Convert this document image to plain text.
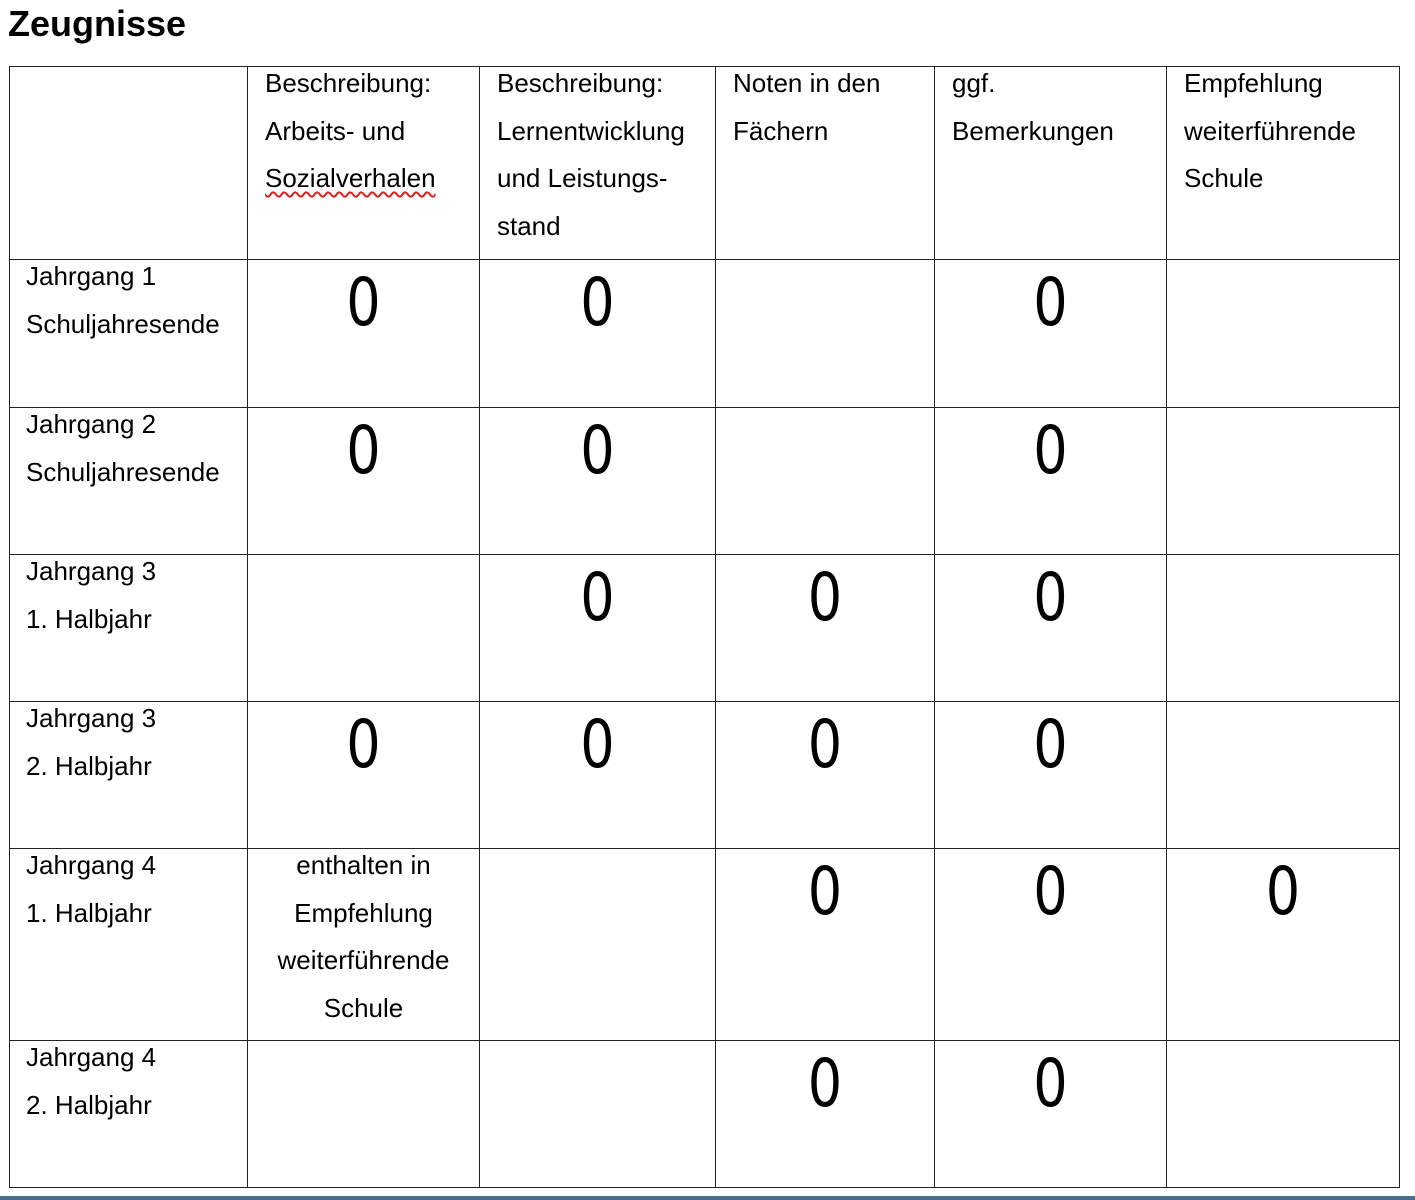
Zeugnisse

	Beschreibung:
Arbeits- und
Sozialverhalen	Beschreibung:
Lernentwicklung
und Leistungs-
stand	Noten in den
Fächern	ggf.
Bemerkungen	Empfehlung
weiterführende
Schule

Jahrgang 1
Schuljahresende	0	0		0	

Jahrgang 2
Schuljahresende	0	0		0	

Jahrgang 3
1. Halbjahr		0	0	0	

Jahrgang 3
2. Halbjahr	0	0	0	0	

Jahrgang 4
1. Halbjahr	enthalten in
Empfehlung
weiterführende
Schule		0	0	0

Jahrgang 4
2. Halbjahr			0	0	
